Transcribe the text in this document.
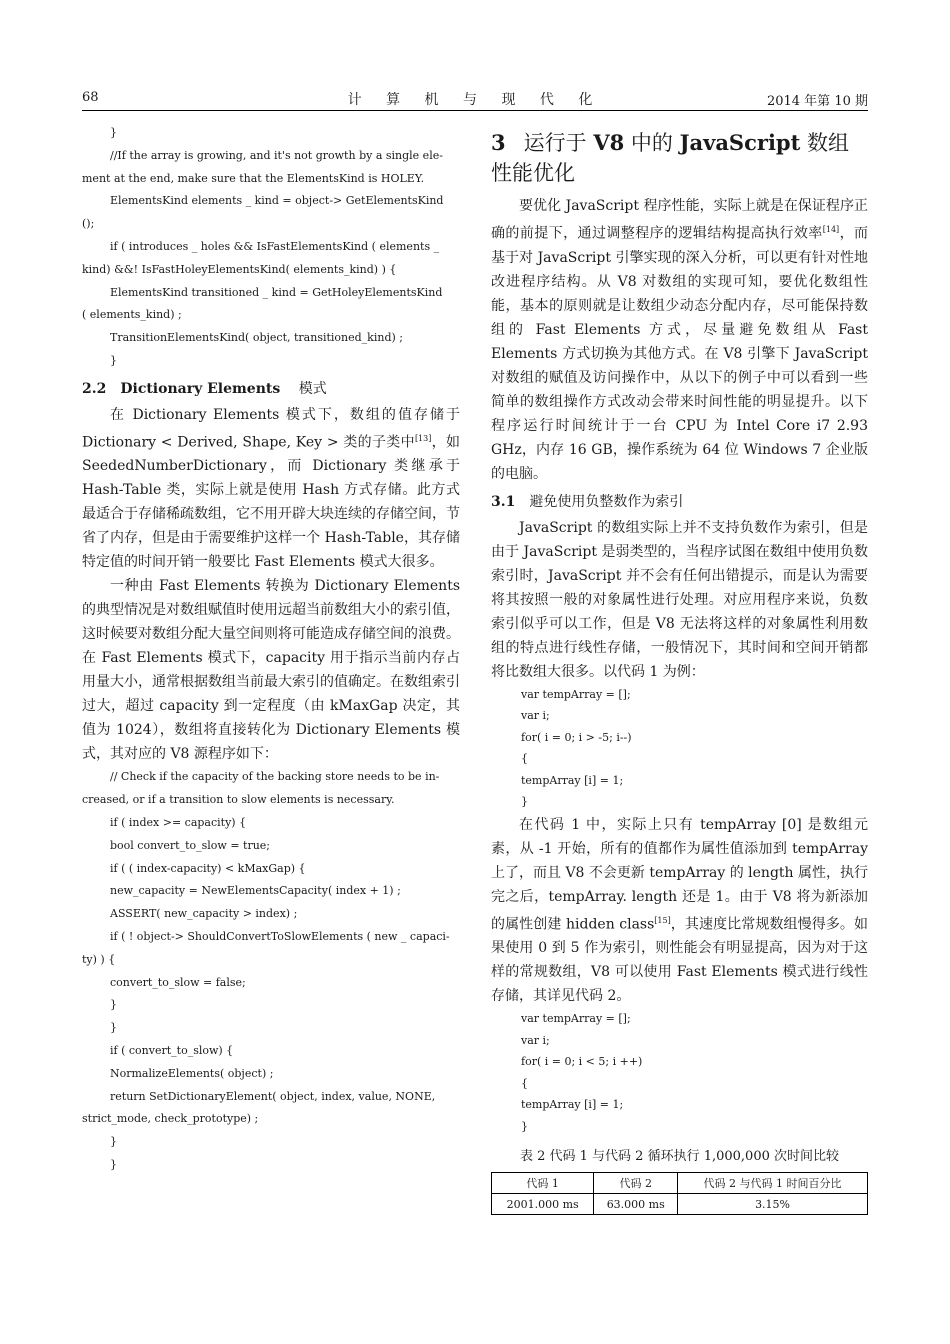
68	计 算 机 与 现 代 化	2014 年第 10 期
}
//If the array is growing, and it's not growth by a single ele-
ment at the end, make sure that the ElementsKind is HOLEY.
ElementsKind elements _ kind = object-> GetElementsKind
();
if ( introduces _ holes && IsFastElementsKind ( elements _
kind) &&! IsFastHoleyElementsKind( elements_kind) ) {
ElementsKind transitioned _ kind = GetHoleyElementsKind
( elements_kind) ;
TransitionElementsKind( object, transitioned_kind) ;
}
2.2 Dictionary Elements 模式

在 Dictionary Elements 模式下，数组的值存储于 Dictionary < Derived, Shape, Key > 类的子类中[13]，如 SeededNumberDictionary，而 Dictionary 类继承于 Hash-Table 类，实际上就是使用 Hash 方式存储。此方式最适合于存储稀疏数组，它不用开辟大块连续的存储空间，节省了内存，但是由于需要维护这样一个 Hash-Table，其存储特定值的时间开销一般要比 Fast Elements 模式大很多。

一种由 Fast Elements 转换为 Dictionary Elements 的典型情况是对数组赋值时使用远超当前数组大小的索引值，这时候要对数组分配大量空间则将可能造成存储空间的浪费。在 Fast Elements 模式下，capacity 用于指示当前内存占用量大小，通常根据数组当前最大索引的值确定。在数组索引过大，超过 capacity 到一定程度（由 kMaxGap 决定，其值为 1024），数组将直接转化为 Dictionary Elements 模式，其对应的 V8 源程序如下：

// Check if the capacity of the backing store needs to be in-
creased, or if a transition to slow elements is necessary.
if ( index >= capacity) {
bool convert_to_slow = true;
if ( ( index-capacity) < kMaxGap) {
new_capacity = NewElementsCapacity( index + 1) ;
ASSERT( new_capacity > index) ;
if ( ! object-> ShouldConvertToSlowElements ( new _ capaci-
ty) ) {
convert_to_slow = false;
}
}
if ( convert_to_slow) {
NormalizeElements( object) ;
return SetDictionaryElement( object, index, value, NONE,
strict_mode, check_prototype) ;
}
}
3 运行于 V8 中的 JavaScript 数组性能优化

要优化 JavaScript 程序性能，实际上就是在保证程序正确的前提下，通过调整程序的逻辑结构提高执行效率[14]，而基于对 JavaScript 引擎实现的深入分析，可以更有针对性地改进程序结构。从 V8 对数组的实现可知，要优化数组性能，基本的原则就是让数组少动态分配内存，尽可能保持数组的 Fast Elements 方式，尽量避免数组从 Fast Elements 方式切换为其他方式。在 V8 引擎下 JavaScript 对数组的赋值及访问操作中，从以下的例子中可以看到一些简单的数组操作方式改动会带来时间性能的明显提升。以下程序运行时间统计于一台 CPU 为 Intel Core i7 2.93 GHz，内存 16 GB，操作系统为 64 位 Windows 7 企业版的电脑。

3.1 避免使用负整数作为索引

JavaScript 的数组实际上并不支持负数作为索引，但是由于 JavaScript 是弱类型的，当程序试图在数组中使用负数索引时，JavaScript 并不会有任何出错提示，而是认为需要将其按照一般的对象属性进行处理。对应用程序来说，负数索引似乎可以工作，但是 V8 无法将这样的对象属性利用数组的特点进行线性存储，一般情况下，其时间和空间开销都将比数组大很多。以代码 1 为例：

var tempArray = [];
var i;
for( i = 0; i > -5; i--)
{
tempArray [i] = 1;
}

在代码 1 中，实际上只有 tempArray [0] 是数组元素，从 -1 开始，所有的值都作为属性值添加到 tempArray 上了，而且 V8 不会更新 tempArray 的 length 属性，执行完之后，tempArray. length 还是 1。由于 V8 将为新添加的属性创建 hidden class[15]，其速度比常规数组慢得多。如果使用 0 到 5 作为索引，则性能会有明显提高，因为对于这样的常规数组，V8 可以使用 Fast Elements 模式进行线性存储，其详见代码 2。

var tempArray = [];
var i;
for( i = 0; i < 5; i ++)
{
tempArray [i] = 1;
}
表 2 代码 1 与代码 2 循环执行 1,000,000 次时间比较
代码 1	代码 2	代码 2 与代码 1 时间百分比
2001.000 ms	63.000 ms	3.15%
